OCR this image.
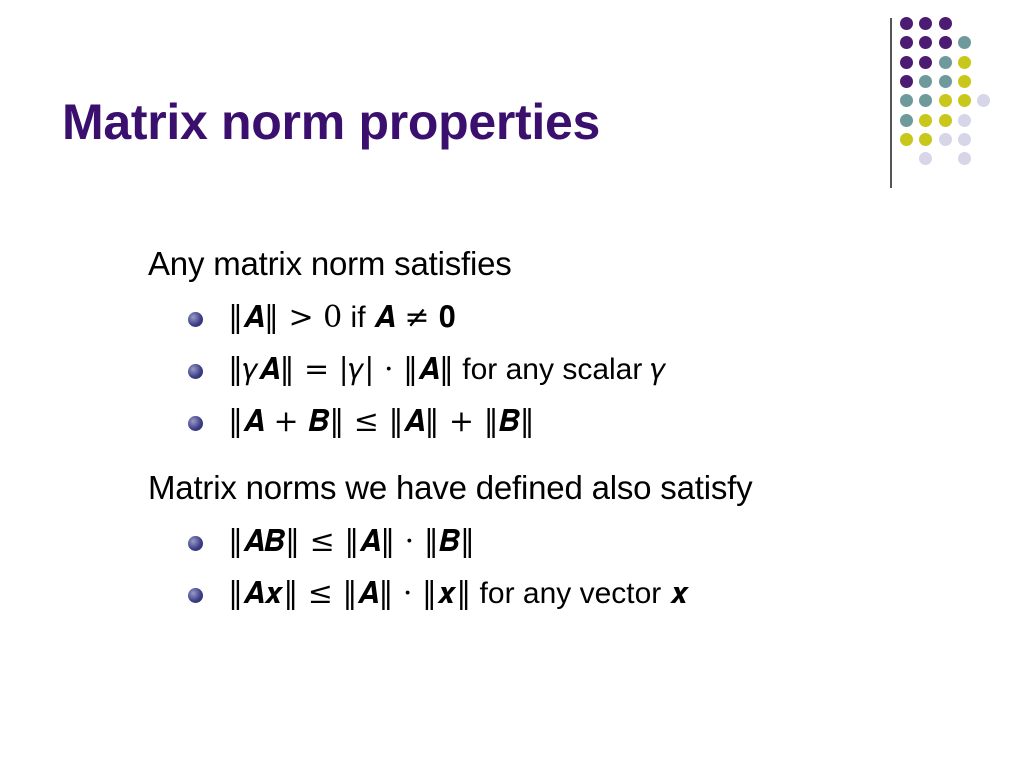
Matrix norm properties

Any matrix norm satisfies

‖𝑨‖ > 0 if 𝑨 ≠ 𝟎
‖𝛾𝑨‖ = |𝛾| · ‖𝑨‖ for any scalar 𝛾
‖𝑨 + 𝑩‖ ≤ ‖𝑨‖ + ‖𝑩‖

Matrix norms we have defined also satisfy

‖𝑨𝑩‖ ≤ ‖𝑨‖ · ‖𝑩‖
‖𝑨𝒙‖ ≤ ‖𝑨‖ · ‖𝒙‖ for any vector 𝒙
